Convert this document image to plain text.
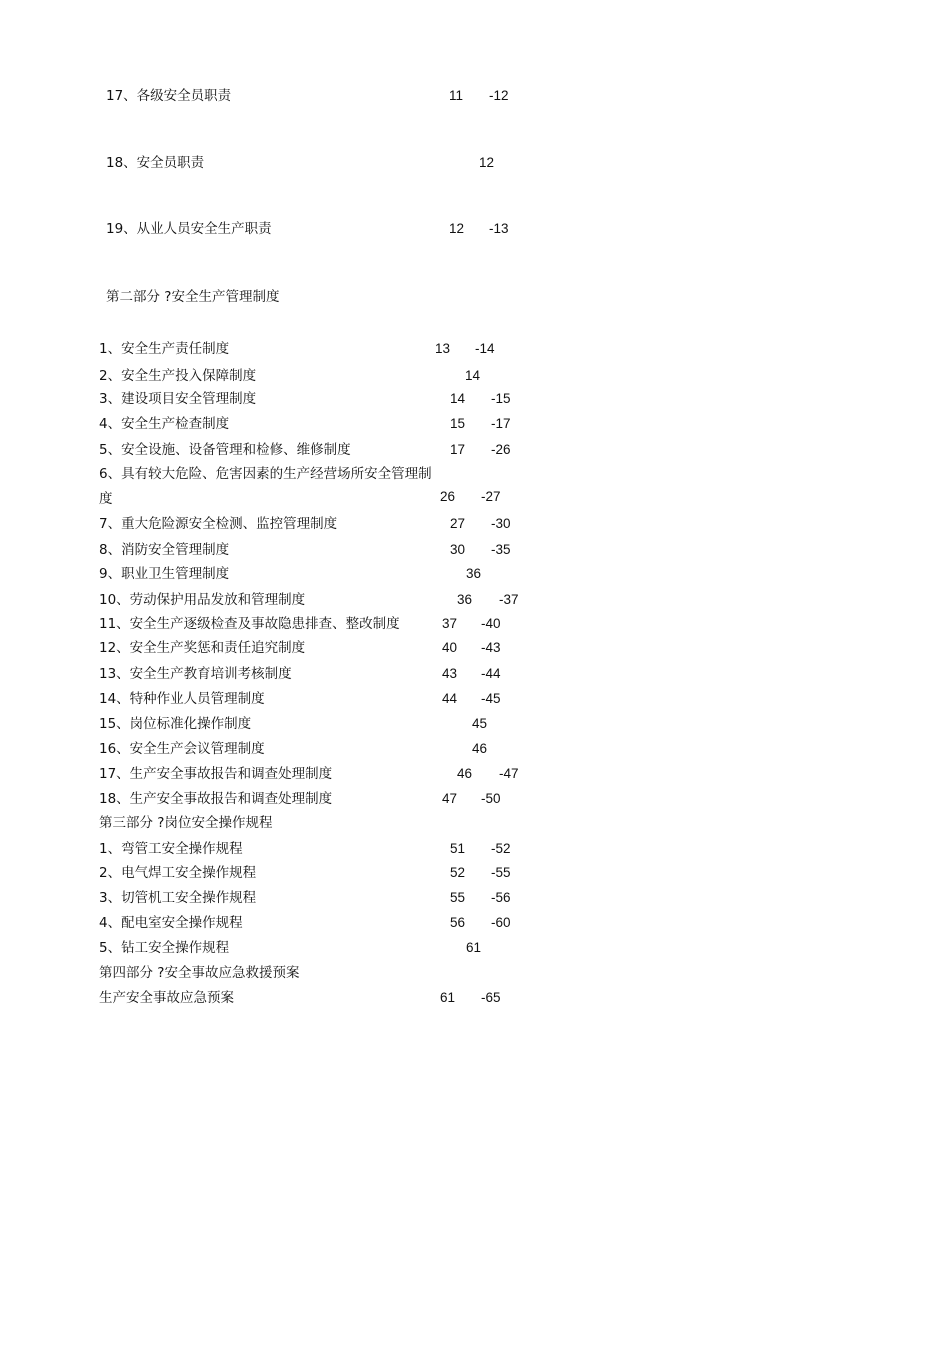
17、各级安全员职责	11 -12
18、安全员职责	12
19、从业人员安全生产职责	12 -13
第二部分 ?安全生产管理制度
1、安全生产责任制度	13 -14
2、安全生产投入保障制度	14
3、建设项目安全管理制度	14 -15
4、安全生产检查制度	15 -17
5、安全设施、设备管理和检修、维修制度	17 -26
6、具有较大危险、危害因素的生产经营场所安全管理制
度	26 -27
7、重大危险源安全检测、监控管理制度	27 -30
8、消防安全管理制度	30 -35
9、职业卫生管理制度	36
10、劳动保护用品发放和管理制度	36 -37
11、安全生产逐级检查及事故隐患排查、整改制度	37 -40
12、安全生产奖惩和责任追究制度	40 -43
13、安全生产教育培训考核制度	43 -44
14、特种作业人员管理制度	44 -45
15、岗位标准化操作制度	45
16、安全生产会议管理制度	46
17、生产安全事故报告和调查处理制度	46 -47
18、生产安全事故报告和调查处理制度	47 -50
第三部分 ?岗位安全操作规程
1、弯管工安全操作规程	51 -52
2、电气焊工安全操作规程	52 -55
3、切管机工安全操作规程	55 -56
4、配电室安全操作规程	56 -60
5、钻工安全操作规程	61
第四部分 ?安全事故应急救援预案
生产安全事故应急预案	61 -65
